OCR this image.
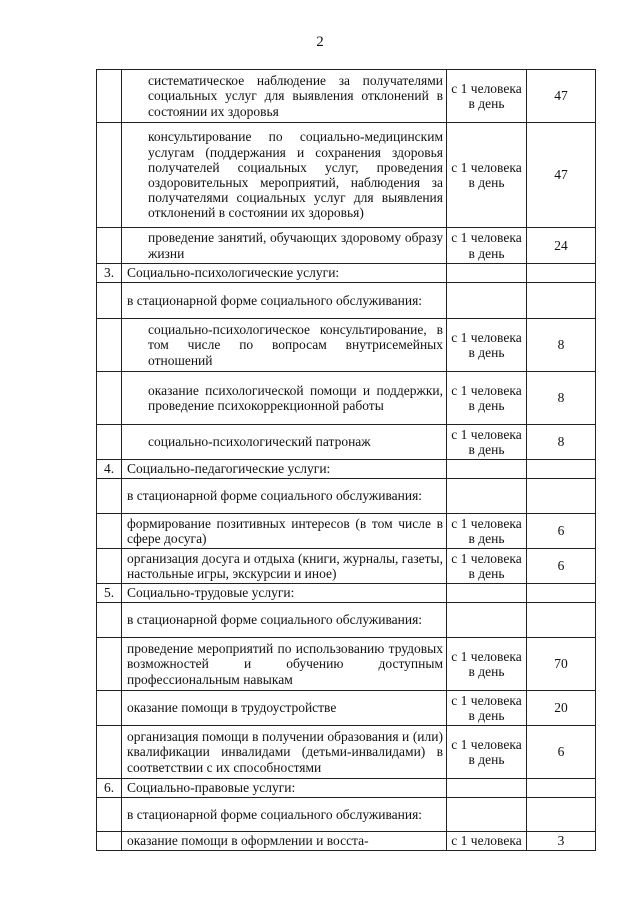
2
	систематическое наблюдение за получателями социальных услуг для выявления отклонений в состоянии их здоровья	с 1 человека в день	47
	консультирование по социально-медицинским услугам (поддержания и сохранения здоровья получателей социальных услуг, проведения оздоровительных мероприятий, наблюдения за получателями социальных услуг для выявления отклонений в состоянии их здоровья)	с 1 человека в день	47
	проведение занятий, обучающих здоровому образу жизни	с 1 человека в день	24
3.	Социально-психологические услуги:		
	в стационарной форме социального обслуживания:		
	социально-психологическое консультирование, в том числе по вопросам внутрисемейных отношений	с 1 человека в день	8
	оказание психологической помощи и поддержки, проведение психокоррекционной работы	с 1 человека в день	8
	социально-психологический патронаж	с 1 человека в день	8
4.	Социально-педагогические услуги:		
	в стационарной форме социального обслуживания:		
	формирование позитивных интересов (в том числе в сфере досуга)	с 1 человека в день	6
	организация досуга и отдыха (книги, журналы, газеты, настольные игры, экскурсии и иное)	с 1 человека в день	6
5.	Социально-трудовые услуги:		
	в стационарной форме социального обслуживания:		
	проведение мероприятий по использованию трудовых возможностей и обучению доступным профессиональным навыкам	с 1 человека в день	70
	оказание помощи в трудоустройстве	с 1 человека в день	20
	организация помощи в получении образования и (или) квалификации инвалидами (детьми-инвалидами) в соответствии с их способностями	с 1 человека в день	6
6.	Социально-правовые услуги:		
	в стационарной форме социального обслуживания:		
	оказание помощи в оформлении и восста-	с 1 человека	3
